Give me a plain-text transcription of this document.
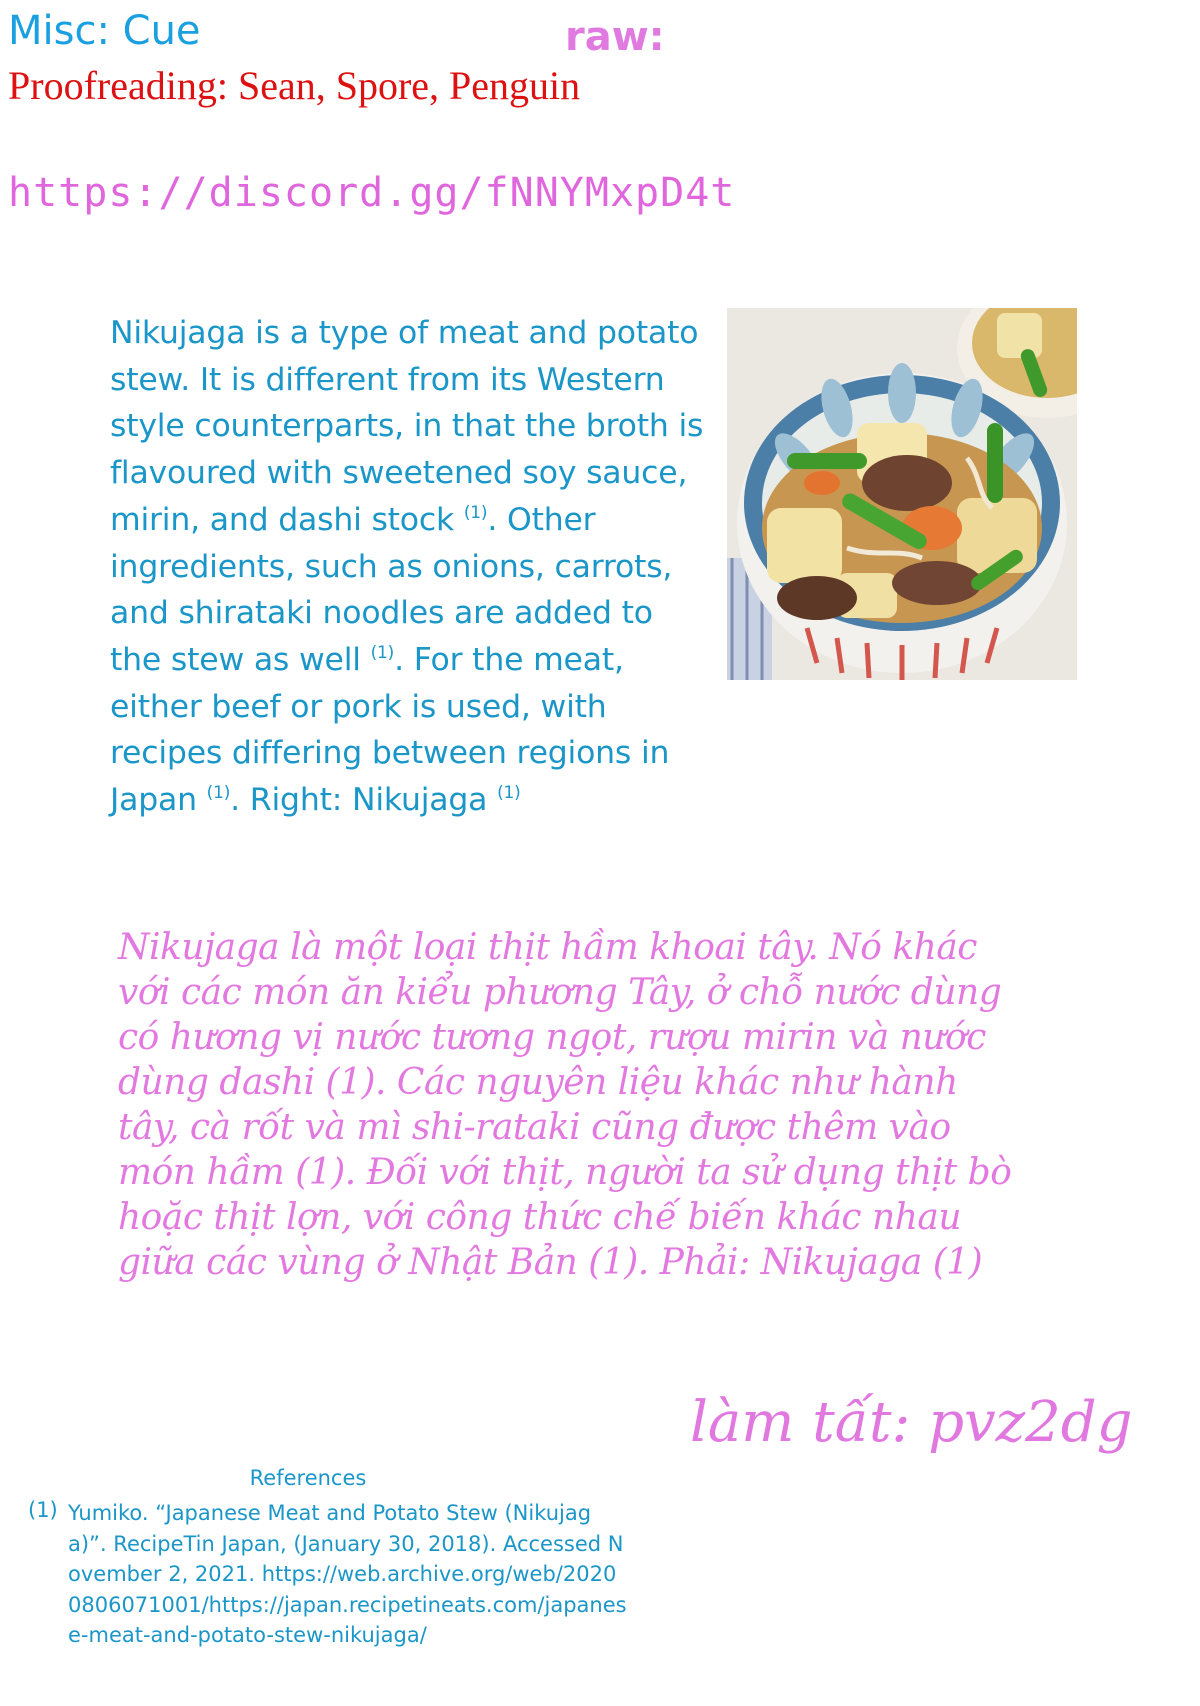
Misc: Cue	raw:
Proofreading: Sean, Spore, Penguin
https://discord.gg/fNNYMxpD4t
Nikujaga is a type of meat and potato stew. It is different from its Western style counterparts, in that the broth is flavoured with sweetened soy sauce, mirin, and dashi stock $^{(1)}$. Other ingredients, such as onions, carrots, and shirataki noodles are added to the stew as well $^{(1)}$. For the meat, either beef or pork is used, with recipes differing between regions in Japan $^{(1)}$. Right: Nikujaga $^{(1)}$
Nikujaga là một loại thịt hầm khoai tây. Nó khác với các món ăn kiểu phương Tây, ở chỗ nước dùng có hương vị nước tương ngọt, rượu mirin và nước dùng dashi (1). Các nguyên liệu khác như hành tây, cà rốt và mì shi-rataki cũng được thêm vào món hầm (1). Đối với thịt, người ta sử dụng thịt bò hoặc thịt lợn, với công thức chế biến khác nhau giữa các vùng ở Nhật Bản (1). Phải: Nikujaga (1)
làm tất: pvz2dg
References
(1) Yumiko. “Japanese Meat and Potato Stew (Nikujaga)”. RecipeTin Japan, (January 30, 2018). Accessed November 2, 2021. https://web.archive.org/web/20200806071001/https://japan.recipetineats.com/japanese-meat-and-potato-stew-nikujaga/
